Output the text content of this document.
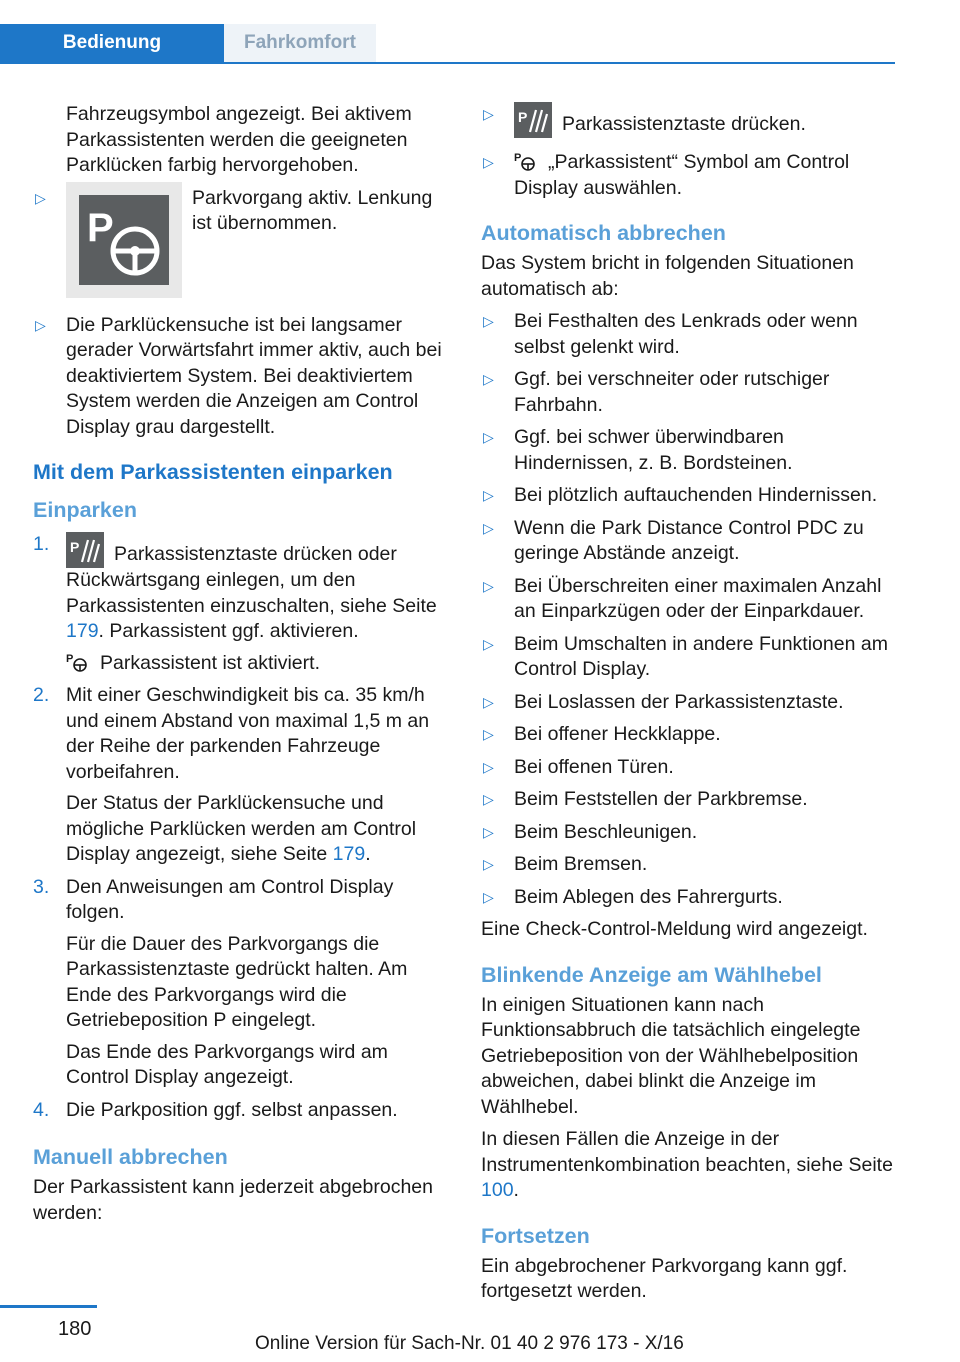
Bedienung	Fahrkomfort

Fahrzeugsymbol angezeigt. Bei aktivem Parkassistenten werden die geeigneten Parklücken farbig hervorgehoben.

▷
P

Parkvorgang aktiv. Lenkung ist übernommen.

▷ Die Parklückensuche ist bei langsamer gerader Vorwärtsfahrt immer aktiv, auch bei deaktiviertem System. Bei deaktiviertem System werden die Anzeigen am Control Display grau dargestellt.

Mit dem Parkassistenten einparken
Einparken
1. P Parkassistenztaste drücken oder Rückwärtsgang einlegen, um den Parkassistenten einzuschalten, siehe Seite 179. Parkassistent ggf. aktivieren.

P Parkassistent ist aktiviert.

2. Mit einer Geschwindigkeit bis ca. 35 km/h und einem Abstand von maximal 1,5 m an der Reihe der parkenden Fahrzeuge vorbeifahren.

Der Status der Parklückensuche und mögliche Parklücken werden am Control Display angezeigt, siehe Seite 179.

3. Den Anweisungen am Control Display folgen.

Für die Dauer des Parkvorgangs die Parkassistenztaste gedrückt halten. Am Ende des Parkvorgangs wird die Getriebeposition P eingelegt.

Das Ende des Parkvorgangs wird am Control Display angezeigt.

4. Die Parkposition ggf. selbst anpassen.

Manuell abbrechen

Der Parkassistent kann jederzeit abgebrochen werden:

▷ P Parkassistenztaste drücken.

▷ P „Parkassistent“ Symbol am Control Display auswählen.

Automatisch abbrechen

Das System bricht in folgenden Situationen automatisch ab:

▷ Bei Festhalten des Lenkrads oder wenn selbst gelenkt wird.

▷ Ggf. bei verschneiter oder rutschiger Fahrbahn.

▷ Ggf. bei schwer überwindbaren Hindernissen, z. B. Bordsteinen.

▷ Bei plötzlich auftauchenden Hindernissen.

▷ Wenn die Park Distance Control PDC zu geringe Abstände anzeigt.

▷ Bei Überschreiten einer maximalen Anzahl an Einparkzügen oder der Einparkdauer.

▷ Beim Umschalten in andere Funktionen am Control Display.

▷ Bei Loslassen der Parkassistenztaste.

▷ Bei offener Heckklappe.

▷ Bei offenen Türen.

▷ Beim Feststellen der Parkbremse.

▷ Beim Beschleunigen.

▷ Beim Bremsen.

▷ Beim Ablegen des Fahrergurts.

Eine Check-Control-Meldung wird angezeigt.

Blinkende Anzeige am Wählhebel

In einigen Situationen kann nach Funktionsabbruch die tatsächlich eingelegte Getriebeposition von der Wählhebelposition abweichen, dabei blinkt die Anzeige im Wählhebel.

In diesen Fällen die Anzeige in der Instrumentenkombination beachten, siehe Seite 100.

Fortsetzen

Ein abgebrochener Parkvorgang kann ggf. fortgesetzt werden.

180
Online Version für Sach-Nr. 01 40 2 976 173 - X/16
